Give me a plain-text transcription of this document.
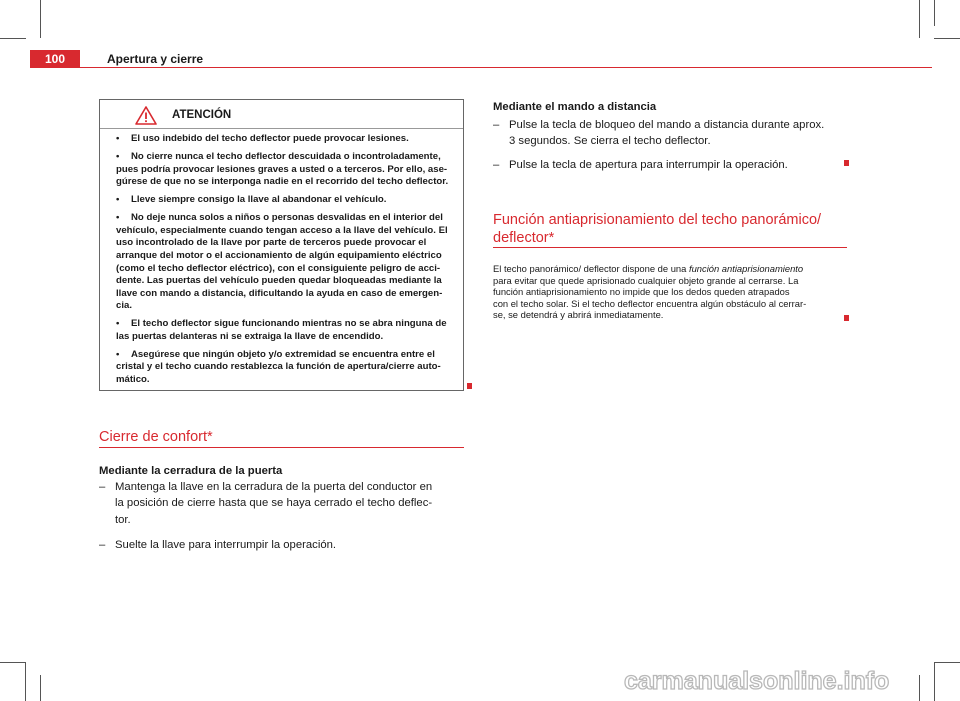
100	Apertura y cierre
ATENCIÓN
• El uso indebido del techo deflector puede provocar lesiones.
• No cierre nunca el techo deflector descuidada o incontroladamente,
pues podría provocar lesiones graves a usted o a terceros. Por ello, ase-
gúrese de que no se interponga nadie en el recorrido del techo deflector.
• Lleve siempre consigo la llave al abandonar el vehículo.
• No deje nunca solos a niños o personas desvalidas en el interior del
vehículo, especialmente cuando tengan acceso a la llave del vehículo. El
uso incontrolado de la llave por parte de terceros puede provocar el
arranque del motor o el accionamiento de algún equipamiento eléctrico
(como el techo deflector eléctrico), con el consiguiente peligro de acci-
dente. Las puertas del vehículo pueden quedar bloqueadas mediante la
llave con mando a distancia, dificultando la ayuda en caso de emergen-
cia.
• El techo deflector sigue funcionando mientras no se abra ninguna de
las puertas delanteras ni se extraiga la llave de encendido.
• Asegúrese que ningún objeto y/o extremidad se encuentra entre el
cristal y el techo cuando restablezca la función de apertura/cierre auto-
mático.
Cierre de confort*
Mediante la cerradura de la puerta
– Mantenga la llave en la cerradura de la puerta del conductor en
la posición de cierre hasta que se haya cerrado el techo deflec-
tor.
– Suelte la llave para interrumpir la operación.
Mediante el mando a distancia
– Pulse la tecla de bloqueo del mando a distancia durante aprox.
3 segundos. Se cierra el techo deflector.
– Pulse la tecla de apertura para interrumpir la operación.
Función antiaprisionamiento del techo panorámico/
deflector*
El techo panorámico/ deflector dispone de una función antiaprisionamiento
para evitar que quede aprisionado cualquier objeto grande al cerrarse. La
función antiaprisionamiento no impide que los dedos queden atrapados
con el techo solar. Si el techo deflector encuentra algún obstáculo al cerrar-
se, se detendrá y abrirá inmediatamente.
carmanualsonline.info
